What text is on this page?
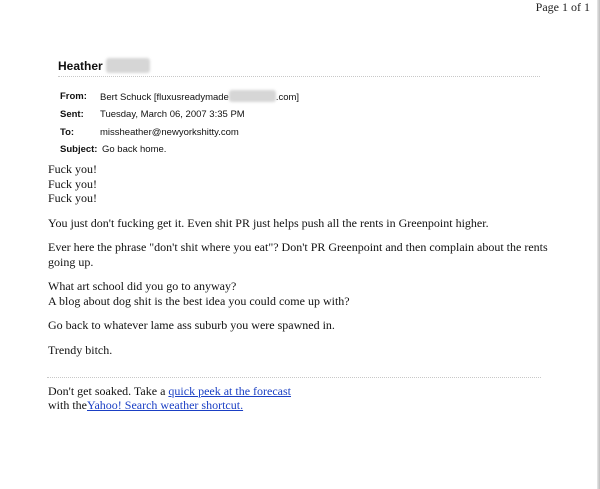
Page 1 of 1
Heather
From:	Bert Schuck [fluxusreadymade	.com]
Sent:	Tuesday, March 06, 2007 3:35 PM
To:	missheather@newyorkshitty.com
Subject: Go back home.

Fuck you!
Fuck you!
Fuck you!

You just don't fucking get it. Even shit PR just helps push all the rents in Greenpoint higher.

Ever here the phrase "don't shit where you eat"? Don't PR Greenpoint and then complain about the rents
going up.

What art school did you go to anyway?
A blog about dog shit is the best idea you could come up with?

Go back to whatever lame ass suburb you were spawned in.

Trendy bitch.

Don't get soaked. Take a quick peek at the forecast
with theYahoo! Search weather shortcut.
